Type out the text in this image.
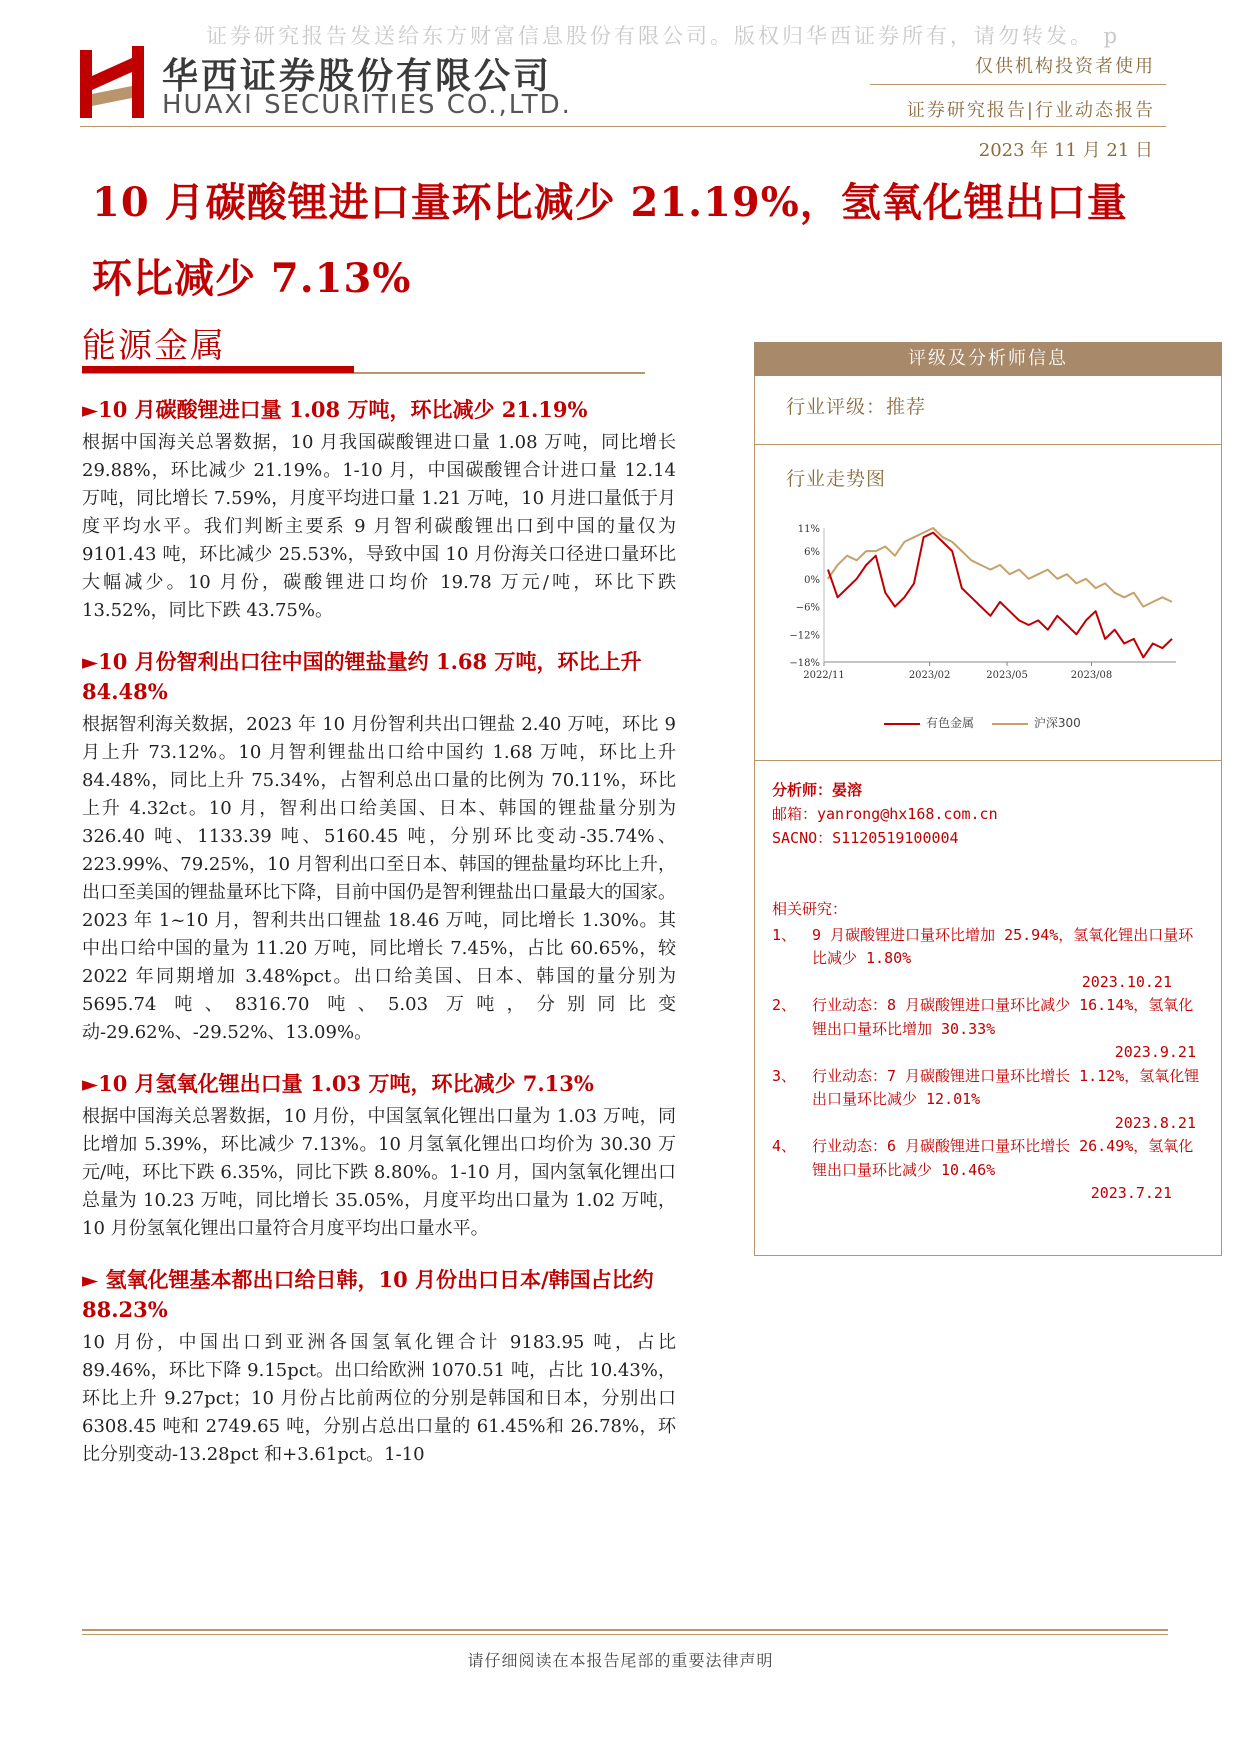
证券研究报告发送给东方财富信息股份有限公司。版权归华西证券所有，请勿转发。 p
华西证券股份有限公司
HUAXI SECURITIES CO.,LTD.
仅供机构投资者使用
证券研究报告|行业动态报告
2023 年 11 月 21 日
10 月碳酸锂进口量环比减少 21.19%，氢氧化锂出口量
环比减少 7.13%
能源金属
►10 月碳酸锂进口量 1.08 万吨，环比减少 21.19%
根据中国海关总署数据，10 月我国碳酸锂进口量 1.08 万吨，同比增长 29.88%，环比减少 21.19%。1-10 月，中国碳酸锂合计进口量 12.14 万吨，同比增长 7.59%，月度平均进口量 1.21 万吨，10 月进口量低于月度平均水平。我们判断主要系 9 月智利碳酸锂出口到中国的量仅为 9101.43 吨，环比减少 25.53%，导致中国 10 月份海关口径进口量环比大幅减少。10 月份，碳酸锂进口均价 19.78 万元/吨，环比下跌 13.52%，同比下跌 43.75%。
►10 月份智利出口往中国的锂盐量约 1.68 万吨，环比上升 84.48%
根据智利海关数据，2023 年 10 月份智利共出口锂盐 2.40 万吨，环比 9 月上升 73.12%。10 月智利锂盐出口给中国约 1.68 万吨，环比上升 84.48%，同比上升 75.34%，占智利总出口量的比例为 70.11%，环比上升 4.32ct。10 月，智利出口给美国、日本、韩国的锂盐量分别为 326.40 吨、1133.39 吨、5160.45 吨，分别环比变动-35.74%、223.99%、79.25%，10 月智利出口至日本、韩国的锂盐量均环比上升，出口至美国的锂盐量环比下降，目前中国仍是智利锂盐出口量最大的国家。2023 年 1~10 月，智利共出口锂盐 18.46 万吨，同比增长 1.30%。其中出口给中国的量为 11.20 万吨，同比增长 7.45%，占比 60.65%，较 2022 年同期增加 3.48%pct。出口给美国、日本、韩国的量分别为 5695.74 吨、8316.70 吨、5.03 万吨，分别同比变动-29.62%、-29.52%、13.09%。
►10 月氢氧化锂出口量 1.03 万吨，环比减少 7.13%
根据中国海关总署数据，10 月份，中国氢氧化锂出口量为 1.03 万吨，同比增加 5.39%，环比减少 7.13%。10 月氢氧化锂出口均价为 30.30 万元/吨，环比下跌 6.35%，同比下跌 8.80%。1-10 月，国内氢氧化锂出口总量为 10.23 万吨，同比增长 35.05%，月度平均出口量为 1.02 万吨，10 月份氢氧化锂出口量符合月度平均出口量水平。
► 氢氧化锂基本都出口给日韩，10 月份出口日本/韩国占比约 88.23%
10 月份，中国出口到亚洲各国氢氧化锂合计 9183.95 吨，占比 89.46%，环比下降 9.15pct。出口给欧洲 1070.51 吨，占比 10.43%，环比上升 9.27pct；10 月份占比前两位的分别是韩国和日本，分别出口 6308.45 吨和 2749.65 吨，分别占总出口量的 61.45%和 26.78%，环比分别变动-13.28pct 和+3.61pct。1-10
评级及分析师信息
行业评级：推荐
行业走势图
11%
6%
0%
−6%
−12%
−18%
2022/11	2023/02	2023/05	2023/08
有色金属	沪深300
分析师：晏溶
邮箱：yanrong@hx168.com.cn
SACNO：S1120519100004
相关研究：
1、	9 月碳酸锂进口量环比增加 25.94%，氢氧化锂出口量环比减少 1.80%
2023.10.21
2、	行业动态：8 月碳酸锂进口量环比减少 16.14%，氢氧化锂出口量环比增加 30.33%
2023.9.21
3、	行业动态：7 月碳酸锂进口量环比增长 1.12%，氢氧化锂出口量环比减少 12.01%
2023.8.21
4、	行业动态：6 月碳酸锂进口量环比增长 26.49%，氢氧化锂出口量环比减少 10.46%
2023.7.21
请仔细阅读在本报告尾部的重要法律声明
